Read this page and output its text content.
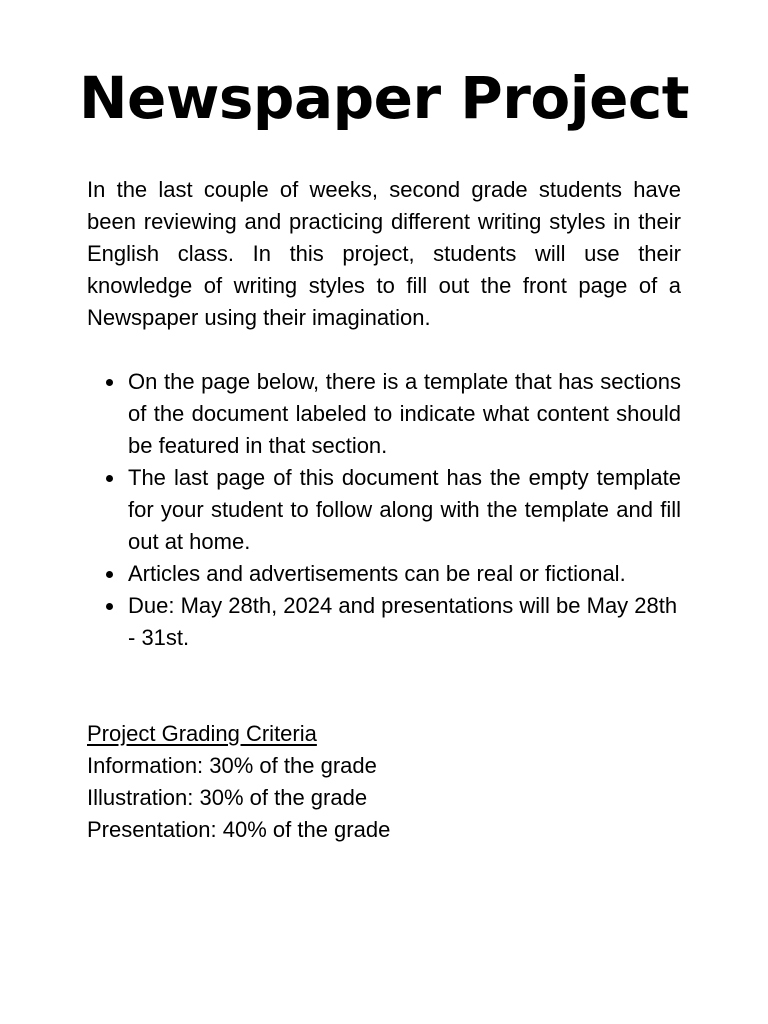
Newspaper Project

In the last couple of weeks, second grade students have been reviewing and practicing different writing styles in their English class. In this project, students will use their knowledge of writing styles to fill out the front page of a Newspaper using their imagination.

On the page below, there is a template that has sections of the document labeled to indicate what content should be featured in that section.
The last page of this document has the empty template for your student to follow along with the template and fill out at home.
Articles and advertisements can be real or fictional.
Due: May 28th, 2024 and presentations will be May 28th - 31st.
Project Grading Criteria
Information: 30% of the grade
Illustration: 30% of the grade
Presentation: 40% of the grade
